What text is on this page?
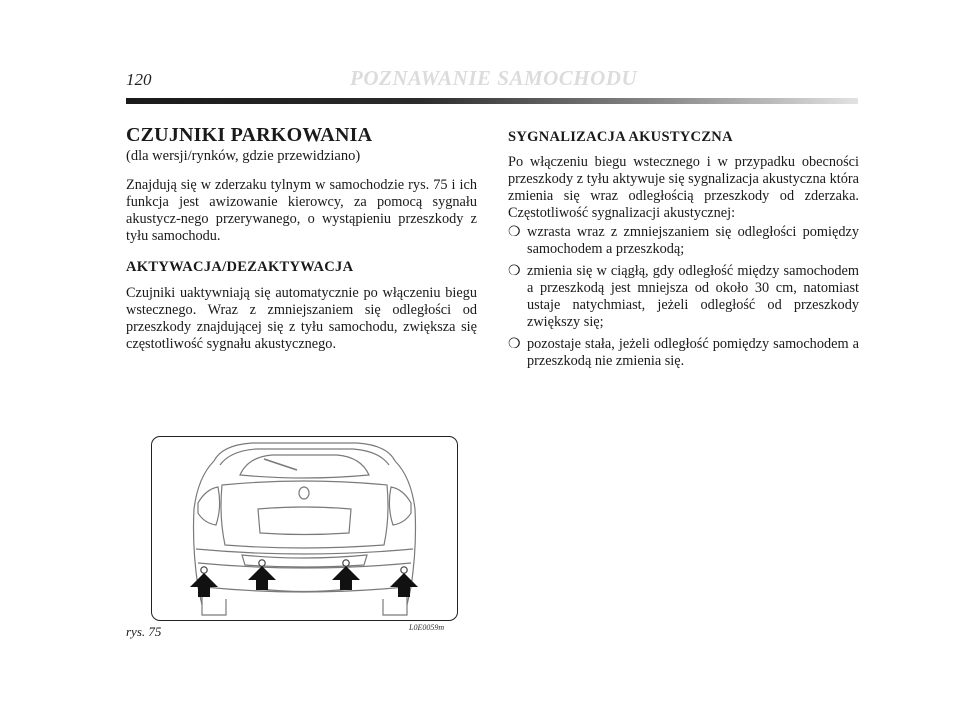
120	POZNAWANIE SAMOCHODU
CZUJNIKI PARKOWANIA
(dla wersji/rynków, gdzie przewidziano)

Znajdują się w zderzaku tylnym w samochodzie rys. 75 i ich funkcja jest awizowanie kierowcy, za pomocą sygnału akustycz-nego przerywanego, o wystąpieniu przeszkody z tyłu samochodu.

AKTYWACJA/DEZAKTYWACJA

Czujniki uaktywniają się automatycznie po włączeniu biegu wstecznego. Wraz z zmniejszaniem się odległości od przeszkody znajdującej się z tyłu samochodu, zwiększa się częstotliwość sygnału akustycznego.

SYGNALIZACJA AKUSTYCZNA

Po włączeniu biegu wstecznego i w przypadku obecności przeszkody z tyłu aktywuje się sygnalizacja akustyczna która zmienia się wraz odległością przeszkody od zderzaka. Częstotliwość sygnalizacji akustycznej:

❍ wzrasta wraz z zmniejszaniem się odległości pomiędzy samochodem a przeszkodą;
❍ zmienia się w ciągłą, gdy odległość między samochodem a przeszkodą jest mniejsza od około 30 cm, natomiast ustaje natychmiast, jeżeli odległość od przeszkody zwiększy się;
❍ pozostaje stała, jeżeli odległość pomiędzy samochodem a przeszkodą nie zmienia się.
rys. 75	L0E0059m
